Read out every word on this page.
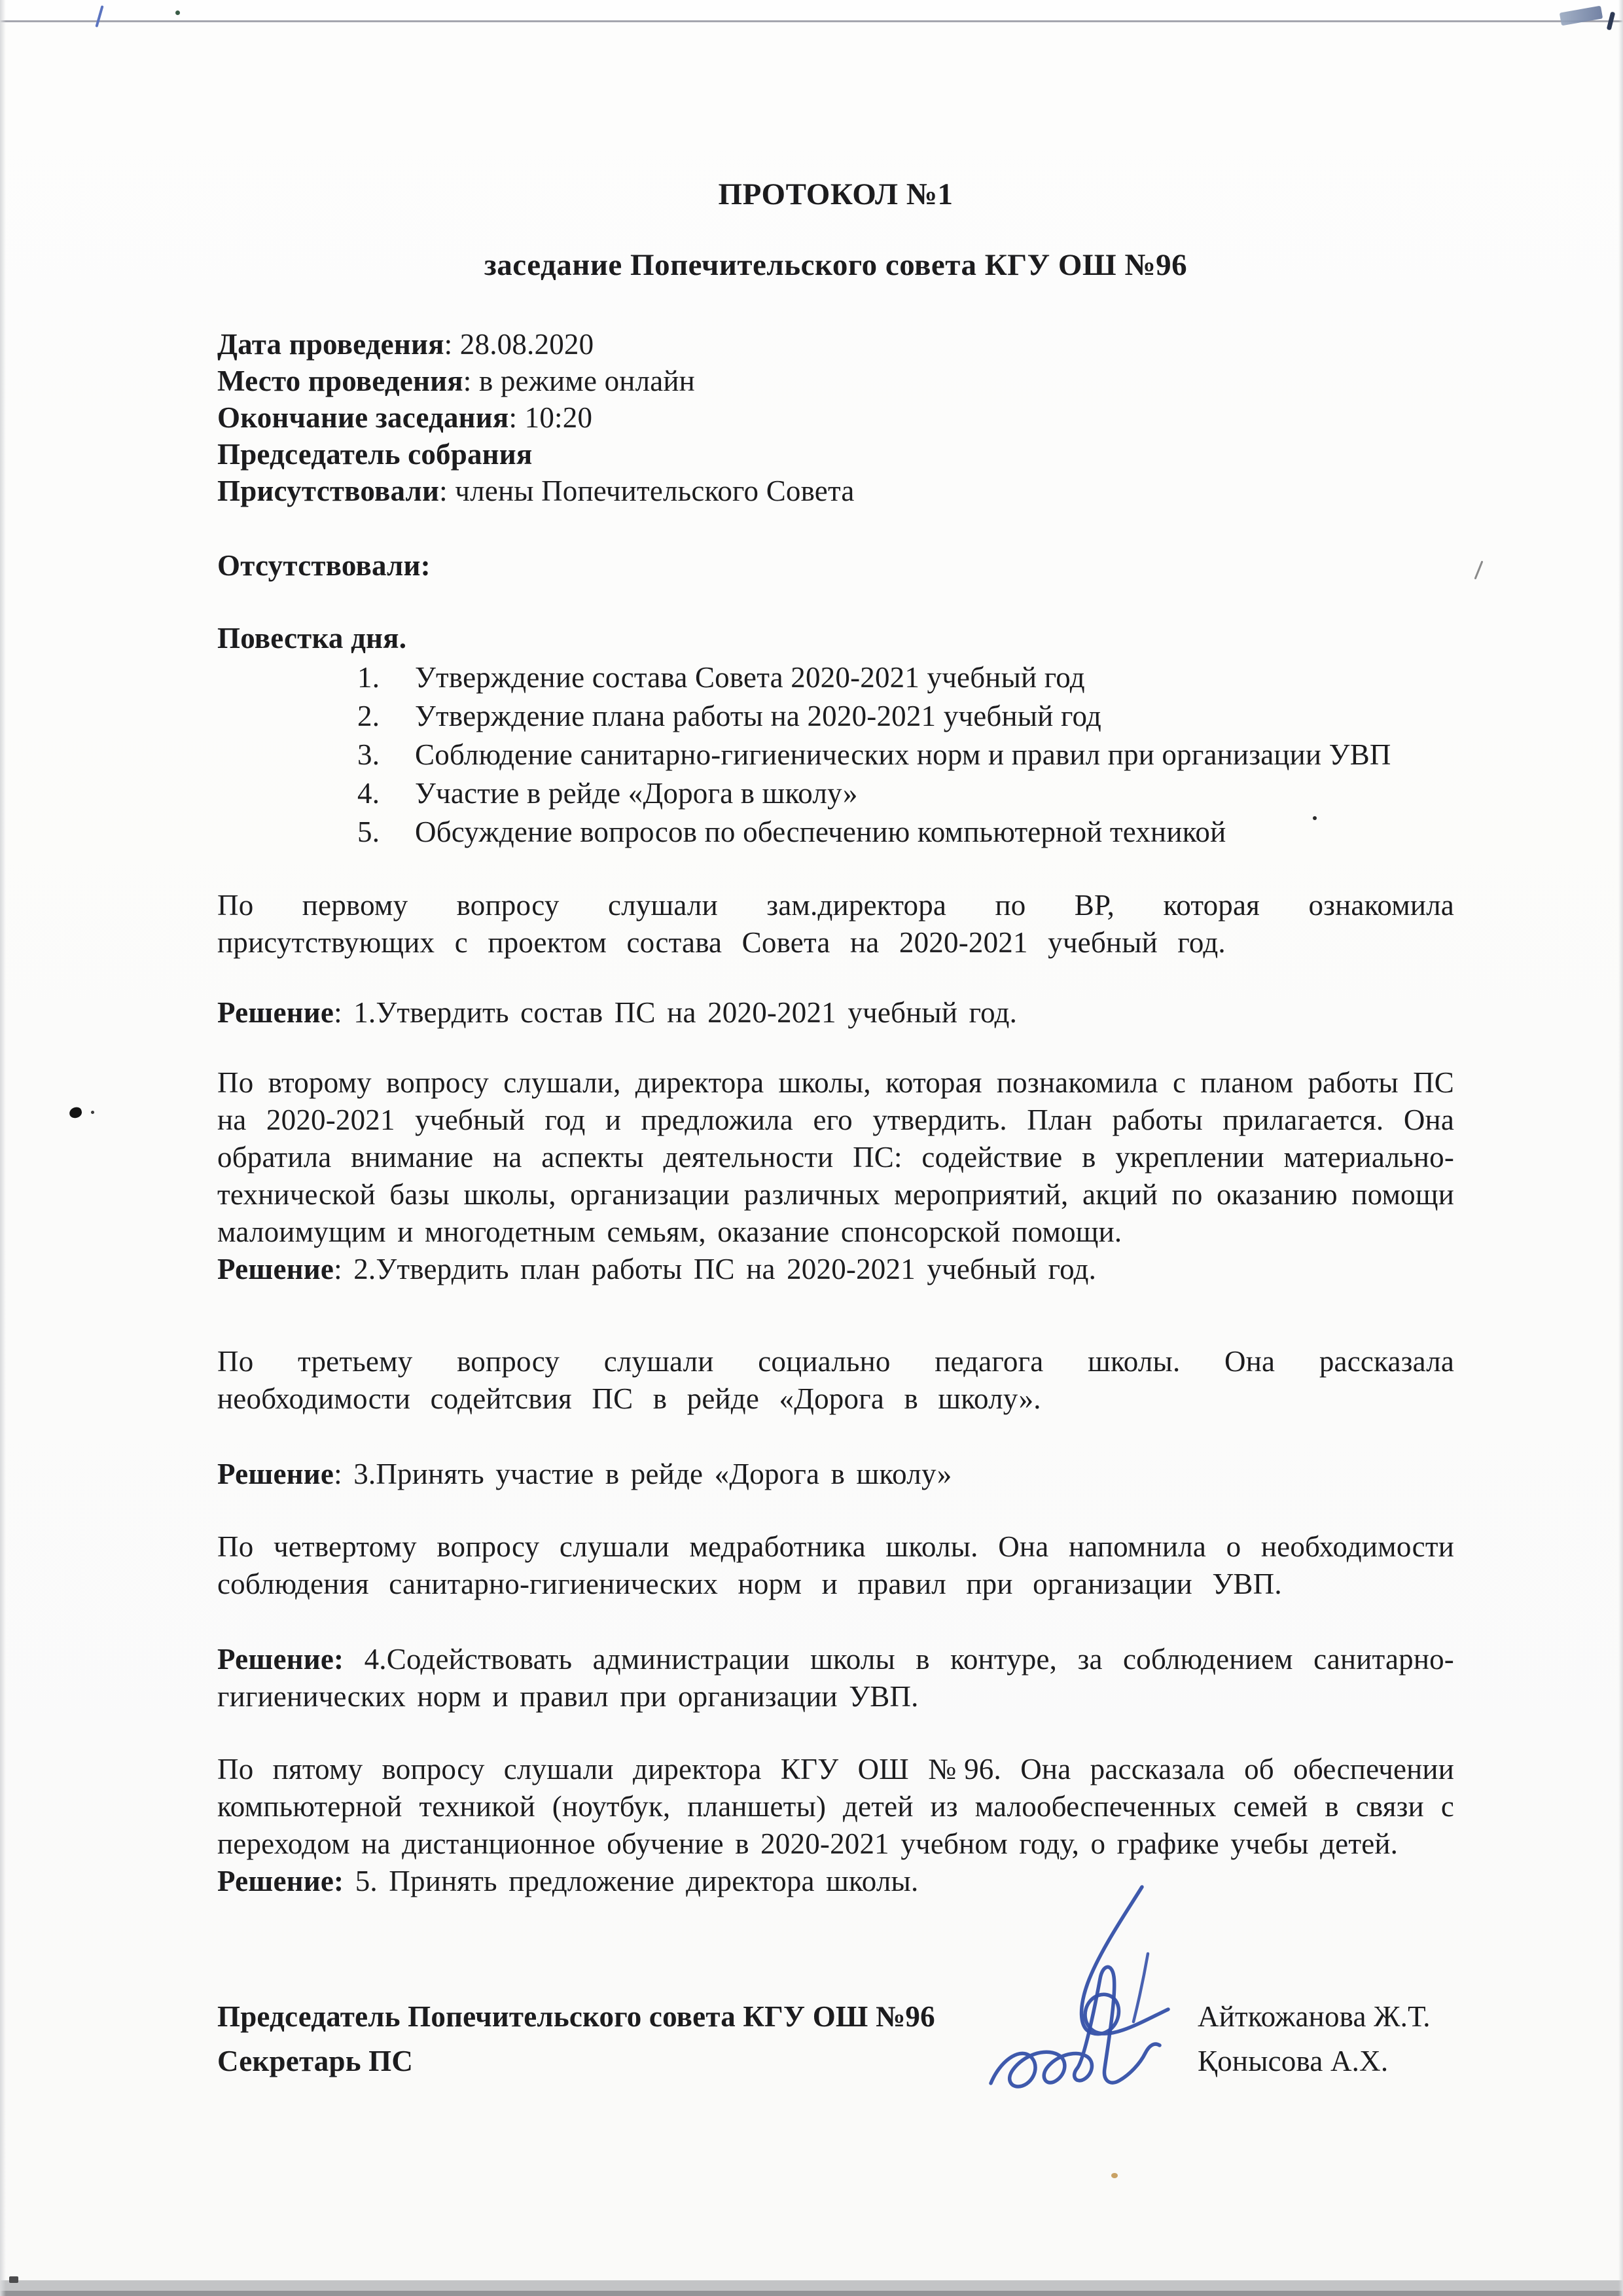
ПРОТОКОЛ №1
заседание Попечительского совета КГУ ОШ №96

Дата проведения: 28.08.2020

Место проведения: в режиме онлайн

Окончание заседания: 10:20

Председатель собрания

Присутствовали: члены Попечительского Совета

Отсутствовали:

Повестка дня.

1.	Утверждение состава Совета 2020-2021 учебный год
2.	Утверждение плана работы на 2020-2021 учебный год
3.	Соблюдение санитарно-гигиенических норм и правил при организации УВП
4.	Участие в рейде «Дорога в школу»
5.	Обсуждение вопросов по обеспечению компьютерной техникой

По первому вопросу слушали зам.директора по ВР, которая ознакомила присутствующих с проектом состава Совета на 2020-2021 учебный год.

Решение: 1.Утвердить состав ПС на 2020-2021 учебный год.

По второму вопросу слушали, директора школы, которая познакомила с планом работы ПС на 2020-2021 учебный год и предложила его утвердить. План работы прилагается. Она обратила внимание на аспекты деятельности ПС: содействие в укреплении материально-технической базы школы, организации различных мероприятий, акций по оказанию помощи малоимущим и многодетным семьям, оказание спонсорской помощи.

Решение: 2.Утвердить план работы ПС на 2020-2021 учебный год.

По третьему вопросу слушали социально педагога школы. Она рассказала необходимости содейтсвия ПС в рейде «Дорога в школу».

Решение: 3.Принять участие в рейде «Дорога в школу»

По четвертому вопросу слушали медработника школы. Она напомнила о необходимости соблюдения санитарно-гигиенических норм и правил при организации УВП.

Решение: 4.Содействовать администрации школы в контуре, за соблюдением санитарно-гигиенических норм и правил при организации УВП.

По пятому вопросу слушали директора КГУ ОШ №96. Она рассказала об обеспечении компьютерной техникой (ноутбук, планшеты) детей из малообеспеченных семей в связи с переходом на дистанционное обучение в 2020-2021 учебном году, о графике учебы детей.

Решение: 5. Принять предложение директора школы.

Председатель Попечительского совета КГУ ОШ №96	Айткожанова Ж.Т.
Секретарь ПС	Қонысова А.Х.
